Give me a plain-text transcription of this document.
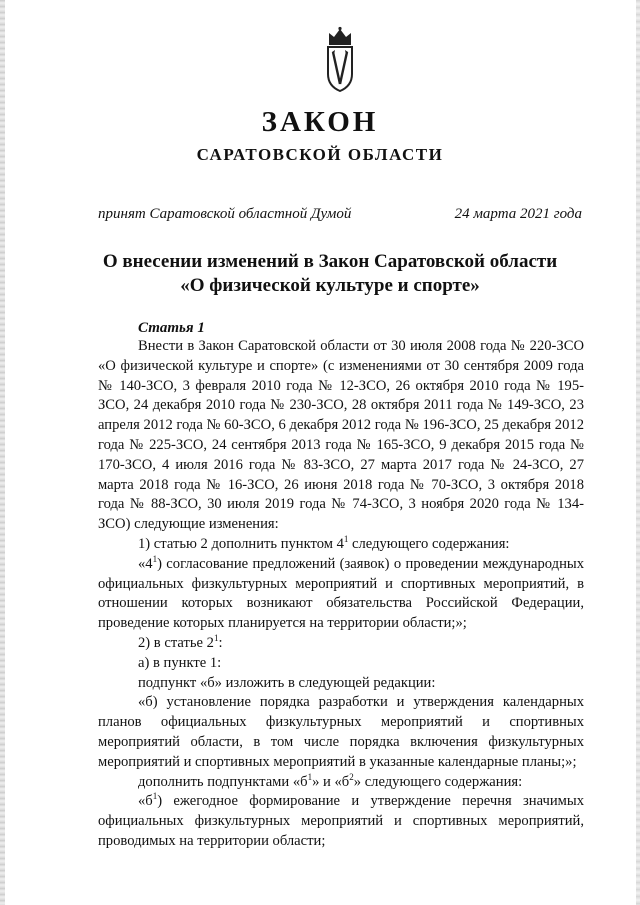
ЗАКОН
САРАТОВСКОЙ ОБЛАСТИ
принят Саратовской областной Думой	24 марта 2021 года
О внесении изменений в Закон Саратовской области
«О физической культуре и спорте»
Статья 1

Внести в Закон Саратовской области от 30 июля 2008 года № 220-ЗСО «О физической культуре и спорте» (с изменениями от 30 сентября 2009 года № 140-ЗСО, 3 февраля 2010 года № 12-ЗСО, 26 октября 2010 года № 195-ЗСО, 24 декабря 2010 года № 230-ЗСО, 28 октября 2011 года № 149-ЗСО, 23 апреля 2012 года № 60-ЗСО, 6 декабря 2012 года № 196-ЗСО, 25 декабря 2012 года № 225-ЗСО, 24 сентября 2013 года № 165-ЗСО, 9 декабря 2015 года № 170-ЗСО, 4 июля 2016 года № 83-ЗСО, 27 марта 2017 года № 24-ЗСО, 27 марта 2018 года № 16-ЗСО, 26 июня 2018 года № 70-ЗСО, 3 октября 2018 года № 88-ЗСО, 30 июля 2019 года № 74-ЗСО, 3 ноября 2020 года № 134-ЗСО) следующие изменения:

1) статью 2 дополнить пунктом $4^1$ следующего содержания:

«$4^1$) согласование предложений (заявок) о проведении международных официальных физкультурных мероприятий и спортивных мероприятий, в отношении которых возникают обязательства Российской Федерации, проведение которых планируется на территории области;»;

2) в статье $2^1$:

а) в пункте 1:

подпункт «б» изложить в следующей редакции:

«б) установление порядка разработки и утверждения календарных планов официальных физкультурных мероприятий и спортивных мероприятий области, в том числе порядка включения физкультурных мероприятий и спортивных мероприятий в указанные календарные планы;»;

дополнить подпунктами «$б^1$» и «$б^2$» следующего содержания:

«$б^1$) ежегодное формирование и утверждение перечня значимых официальных физкультурных мероприятий и спортивных мероприятий, проводимых на территории области;
